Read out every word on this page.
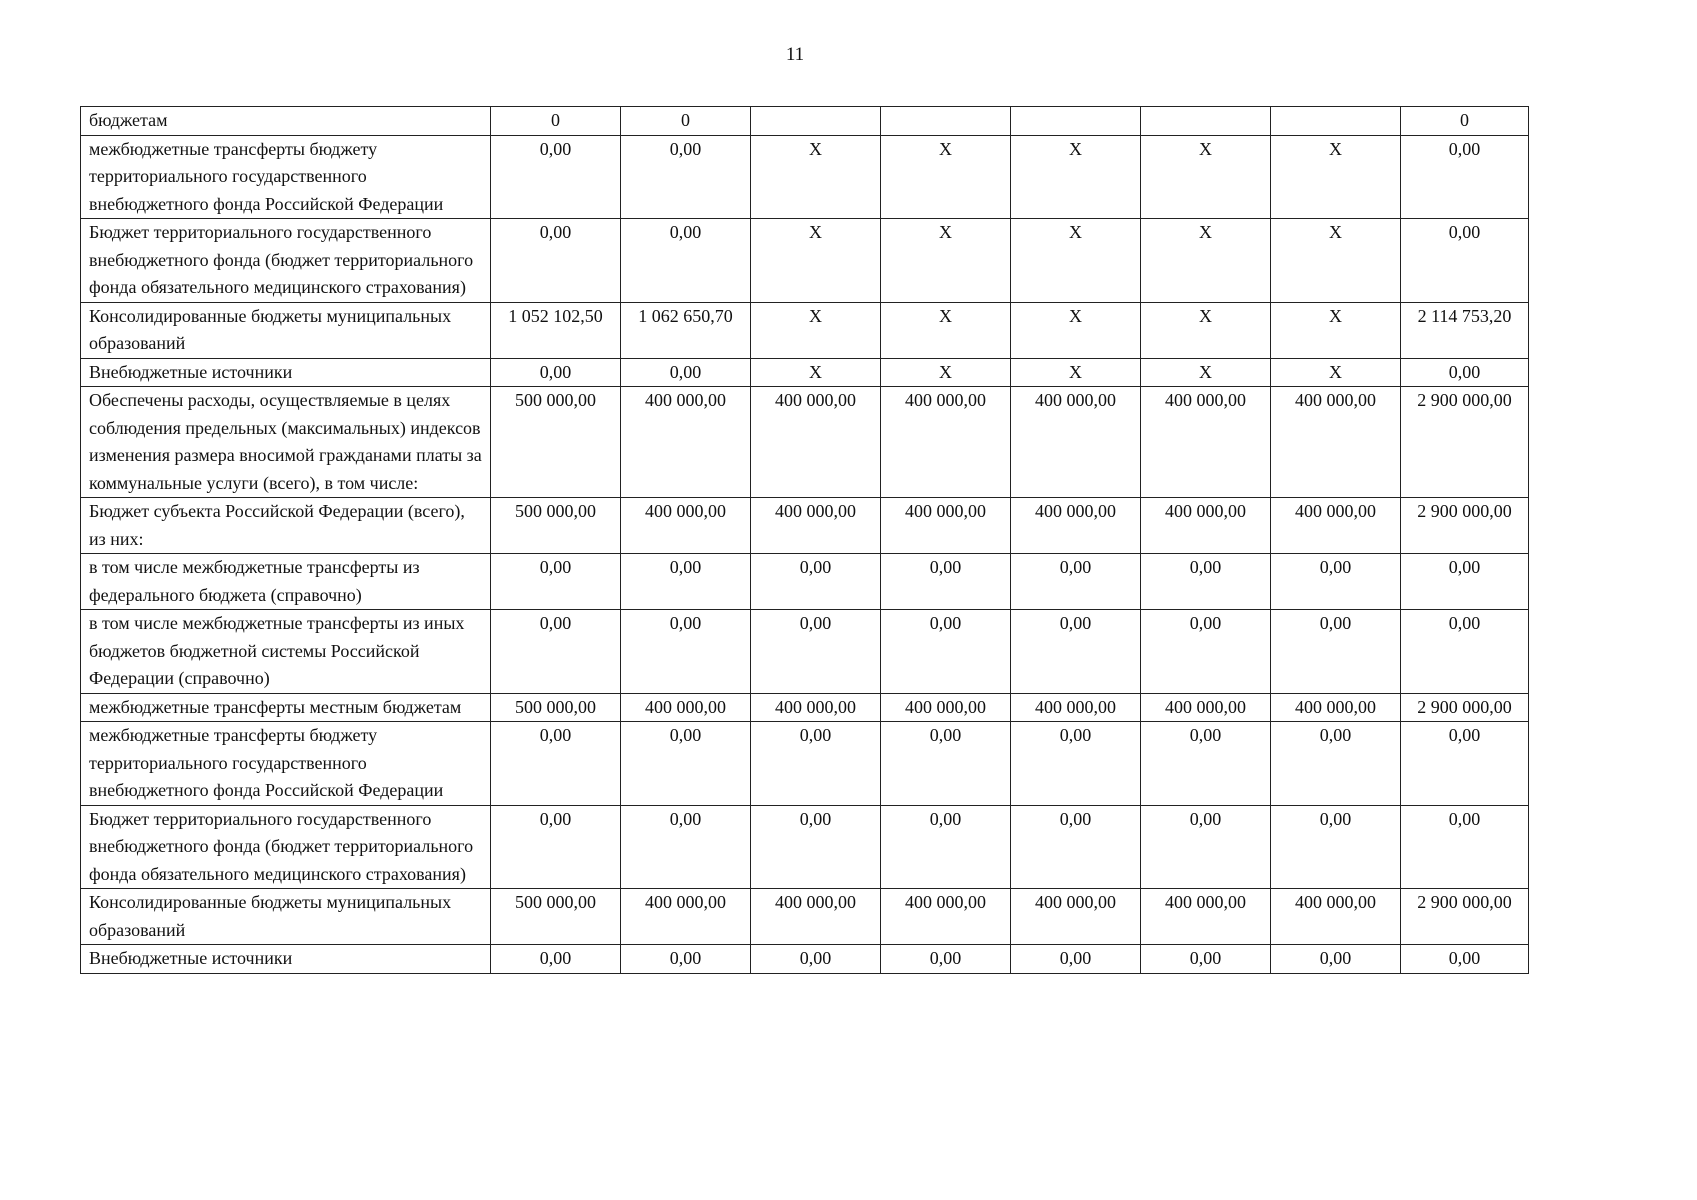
11
бюджетам	0	0						0
межбюджетные трансферты бюджету территориального государственного внебюджетного фонда Российской Федерации	0,00	0,00	X	X	X	X	X	0,00
Бюджет территориального государственного внебюджетного фонда (бюджет территориального фонда обязательного медицинского страхования)	0,00	0,00	X	X	X	X	X	0,00
Консолидированные бюджеты муниципальных образований	1 052 102,50	1 062 650,70	X	X	X	X	X	2 114 753,20
Внебюджетные источники	0,00	0,00	X	X	X	X	X	0,00
Обеспечены расходы, осуществляемые в целях соблюдения предельных (максимальных) индексов изменения размера вносимой гражданами платы за коммунальные услуги (всего), в том числе:	500 000,00	400 000,00	400 000,00	400 000,00	400 000,00	400 000,00	400 000,00	2 900 000,00
Бюджет субъекта Российской Федерации (всего), из них:	500 000,00	400 000,00	400 000,00	400 000,00	400 000,00	400 000,00	400 000,00	2 900 000,00
в том числе межбюджетные трансферты из федерального бюджета (справочно)	0,00	0,00	0,00	0,00	0,00	0,00	0,00	0,00
в том числе межбюджетные трансферты из иных бюджетов бюджетной системы Российской Федерации (справочно)	0,00	0,00	0,00	0,00	0,00	0,00	0,00	0,00
межбюджетные трансферты местным бюджетам	500 000,00	400 000,00	400 000,00	400 000,00	400 000,00	400 000,00	400 000,00	2 900 000,00
межбюджетные трансферты бюджету территориального государственного внебюджетного фонда Российской Федерации	0,00	0,00	0,00	0,00	0,00	0,00	0,00	0,00
Бюджет территориального государственного внебюджетного фонда (бюджет территориального фонда обязательного медицинского страхования)	0,00	0,00	0,00	0,00	0,00	0,00	0,00	0,00
Консолидированные бюджеты муниципальных образований	500 000,00	400 000,00	400 000,00	400 000,00	400 000,00	400 000,00	400 000,00	2 900 000,00
Внебюджетные источники	0,00	0,00	0,00	0,00	0,00	0,00	0,00	0,00
